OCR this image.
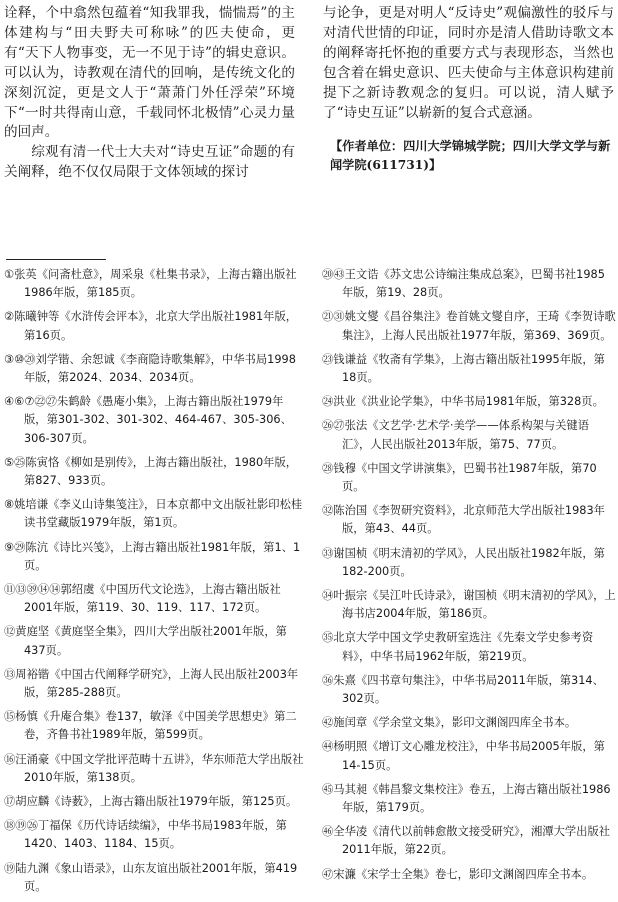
诠释，个中翕然包蕴着“知我罪我，惴惴焉”的主体建构与“田夫野夫可称咏”的匹夫使命，更有“天下人物事变，无一不见于诗”的辑史意识。可以认为，诗教观在清代的回响，是传统文化的深刻沉淀，更是文人于“萧萧门外任浮荣”环境下“一时共得南山意，千载同怀北极情”心灵力量的回声。

综观有清一代士大夫对“诗史互证”命题的有关阐释，绝不仅仅局限于文体领域的探讨

与论争，更是对明人“反诗史”观偏激性的驳斥与对清代世情的印证，同时亦是清人借助诗歌文本的阐释寄托怀抱的重要方式与表现形态，当然也包含着在辑史意识、匹夫使命与主体意识构建前提下之新诗教观念的复归。可以说，清人赋予了“诗史互证”以崭新的复合式意涵。

【作者单位：四川大学锦城学院；四川大学文学与新闻学院(611731)】

①张英《问斋杜意》，周采泉《杜集书录》，上海古籍出版社1986年版，第185页。

②陈曦钟等《水浒传会评本》，北京大学出版社1981年版，第16页。

③⑩⑳刘学锴、余恕诚《李商隐诗歌集解》，中华书局1998年版，第2024、2034、2034页。

④⑥⑦㉒㉗朱鹤龄《愚庵小集》，上海古籍出版社1979年版，第301-302、301-302、464-467、305-306、306-307页。

⑤㉕陈寅恪《柳如是别传》，上海古籍出版社，1980年版，第827、933页。

⑧姚培谦《李义山诗集笺注》，日本京都中文出版社影印松桂读书堂藏版1979年版，第1页。

⑨㉙陈沆《诗比兴笺》，上海古籍出版社1981年版，第1、1页。

⑪⑬㊴⑭⑭郭绍虞《中国历代文论选》，上海古籍出版社2001年版，第119、30、119、117、172页。

⑫黄庭坚《黄庭坚全集》，四川大学出版社2001年版，第437页。

⑬周裕锴《中国古代阐释学研究》，上海人民出版社2003年版，第285-288页。

⑮杨慎《升庵合集》卷137，敏泽《中国美学思想史》第二卷，齐鲁书社1989年版，第599页。

⑯汪涌豪《中国文学批评范畴十五讲》，华东师范大学出版社2010年版，第138页。

⑰胡应麟《诗薮》，上海古籍出版社1979年版，第125页。

⑱⑲㉖丁福保《历代诗话续编》，中华书局1983年版，第1420、1403、1184、15页。

⑲陆九渊《象山语录》，山东友谊出版社2001年版，第419页。

⑳㊸王文诰《苏文忠公诗编注集成总案》，巴蜀书社1985年版，第19、28页。

㉑㉛姚文燮《昌谷集注》卷首姚文燮自序，王琦《李贺诗歌集注》，上海人民出版社1977年版，第369、369页。

㉓钱谦益《牧斋有学集》，上海古籍出版社1995年版，第18页。

㉔洪业《洪业论学集》，中华书局1981年版，第328页。

㉖㉗张法《文艺学·艺术学·美学——体系构架与关键语汇》，人民出版社2013年版，第75、77页。

㉘钱穆《中国文学讲演集》，巴蜀书社1987年版，第70页。

㉜陈治国《李贺研究资料》，北京师范大学出版社1983年版，第43、44页。

㉝谢国桢《明末清初的学风》，人民出版社1982年版，第182-200页。

㉞叶振宗《吴江叶氏诗录》，谢国桢《明末清初的学风》，上海书店2004年版，第186页。

㉟北京大学中国文学史教研室选注《先秦文学史参考资料》，中华书局1962年版，第219页。

㊱朱熹《四书章句集注》，中华书局2011年版，第314、302页。

㊷施闰章《学余堂文集》，影印文渊阁四库全书本。

㊹杨明照《增订文心雕龙校注》，中华书局2005年版，第14-15页。

㊺马其昶《韩昌黎文集校注》卷五，上海古籍出版社1986年版，第179页。

㊻全华凌《清代以前韩愈散文接受研究》，湘潭大学出版社2011年版，第22页。

㊼宋濂《宋学士全集》卷七，影印文渊阁四库全书本。
